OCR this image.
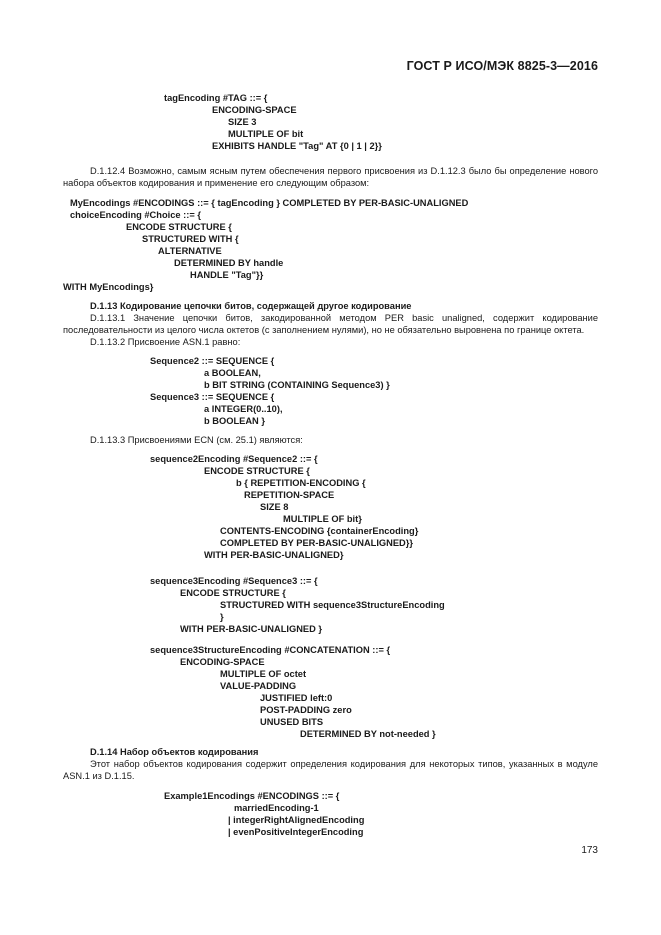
ГОСТ Р ИСО/МЭК 8825-3—2016
tagEncoding #TAG ::= {
ENCODING-SPACE
SIZE 3
MULTIPLE OF bit
EXHIBITS HANDLE "Tag" AT {0 | 1 | 2}}
D.1.12.4 Возможно, самым ясным путем обеспечения первого присвоения из D.1.12.3 было бы определение нового набора объектов кодирования и применение его следующим образом:
MyEncodings #ENCODINGS ::= { tagEncoding } COMPLETED BY PER-BASIC-UNALIGNED
choiceEncoding #Choice ::= {
ENCODE STRUCTURE {
STRUCTURED WITH {
ALTERNATIVE
DETERMINED BY handle
HANDLE "Tag"}}
WITH MyEncodings}
D.1.13 Кодирование цепочки битов, содержащей другое кодирование
D.1.13.1 Значение цепочки битов, закодированной методом PER basic unaligned, содержит кодирование последовательности из целого числа октетов (с заполнением нулями), но не обязательно выровнена по границе октета.
D.1.13.2 Присвоение ASN.1 равно:
Sequence2 ::= SEQUENCE {
a BOOLEAN,
b BIT STRING (CONTAINING Sequence3) }
Sequence3 ::= SEQUENCE {
a INTEGER(0..10),
b BOOLEAN }
D.1.13.3 Присвоениями ECN (см. 25.1) являются:
sequence2Encoding #Sequence2 ::= {
ENCODE STRUCTURE {
b { REPETITION-ENCODING {
REPETITION-SPACE
SIZE 8
MULTIPLE OF bit}
CONTENTS-ENCODING {containerEncoding}
COMPLETED BY PER-BASIC-UNALIGNED}}
WITH PER-BASIC-UNALIGNED}
sequence3Encoding #Sequence3 ::= {
ENCODE STRUCTURE {
STRUCTURED WITH sequence3StructureEncoding
}
WITH PER-BASIC-UNALIGNED }
sequence3StructureEncoding #CONCATENATION ::= {
ENCODING-SPACE
MULTIPLE OF octet
VALUE-PADDING
JUSTIFIED left:0
POST-PADDING zero
UNUSED BITS
DETERMINED BY not-needed }
D.1.14 Набор объектов кодирования
Этот набор объектов кодирования содержит определения кодирования для некоторых типов, указанных в модуле ASN.1 из D.1.15.
Example1Encodings #ENCODINGS ::= {
marriedEncoding-1
| integerRightAlignedEncoding
| evenPositiveIntegerEncoding
173
